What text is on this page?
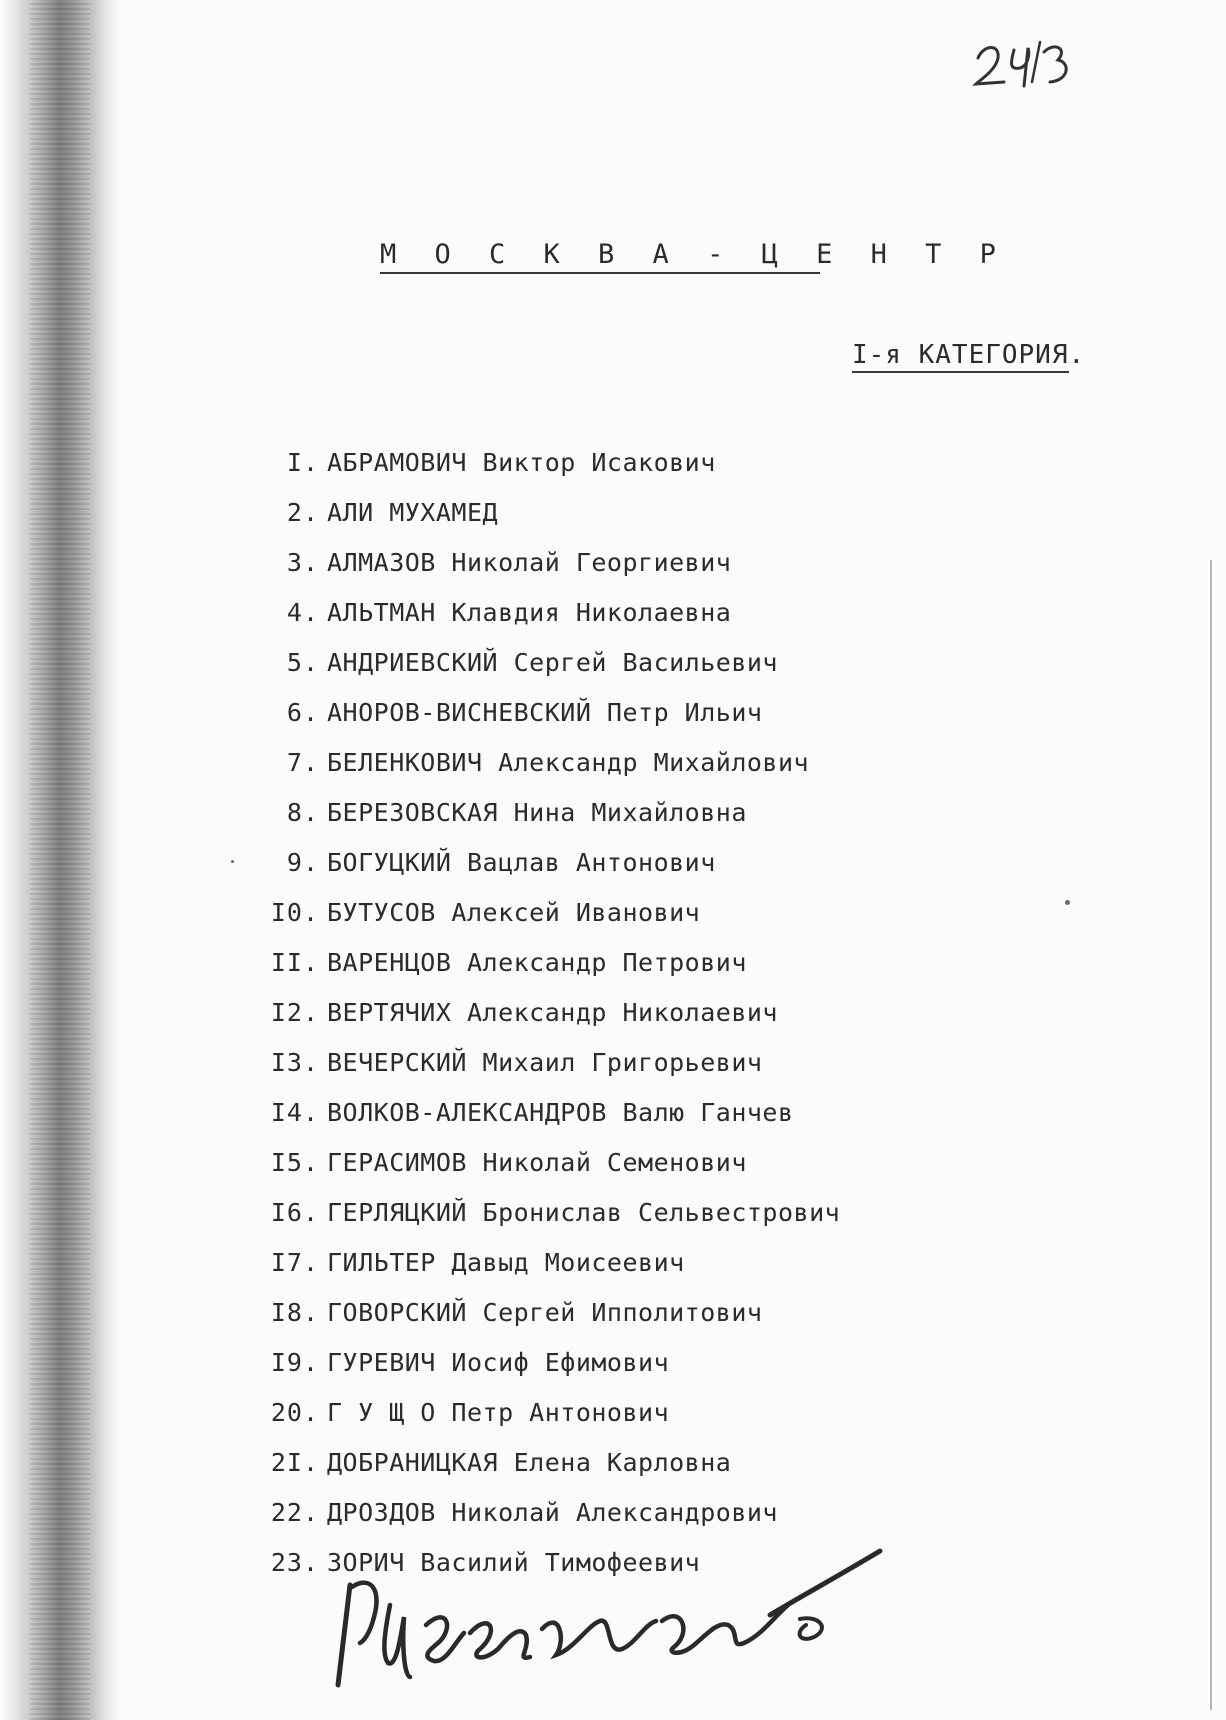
М О С К В А - Ц Е Н Т Р
I-я КАТЕГОРИЯ.
I. АБРАМОВИЧ Виктор Исакович
2. АЛИ МУХАМЕД
3. АЛМАЗОВ Николай Георгиевич
4. АЛЬТМАН Клавдия Николаевна
5. АНДРИЕВСКИЙ Сергей Васильевич
6. АНОРОВ-ВИСНЕВСКИЙ Петр Ильич
7. БЕЛЕНКОВИЧ Александр Михайлович
8. БЕРЕЗОВСКАЯ Нина Михайловна
9. БОГУЦКИЙ Вацлав Антонович
I0. БУТУСОВ Алексей Иванович
II. ВАРЕНЦОВ Александр Петрович
I2. ВЕРТЯЧИХ Александр Николаевич
I3. ВЕЧЕРСКИЙ Михаил Григорьевич
I4. ВОЛКОВ-АЛЕКСАНДРОВ Валю Ганчев
I5. ГЕРАСИМОВ Николай Семенович
I6. ГЕРЛЯЦКИЙ Бронислав Сельвестрович
I7. ГИЛЬТЕР Давыд Моисеевич
I8. ГОВОРСКИЙ Сергей Ипполитович
I9. ГУРЕВИЧ Иосиф Ефимович
20. Г У Щ О Петр Антонович
2I. ДОБРАНИЦКАЯ Елена Карловна
22. ДРОЗДОВ Николай Александрович
23. ЗОРИЧ Василий Тимофеевич
